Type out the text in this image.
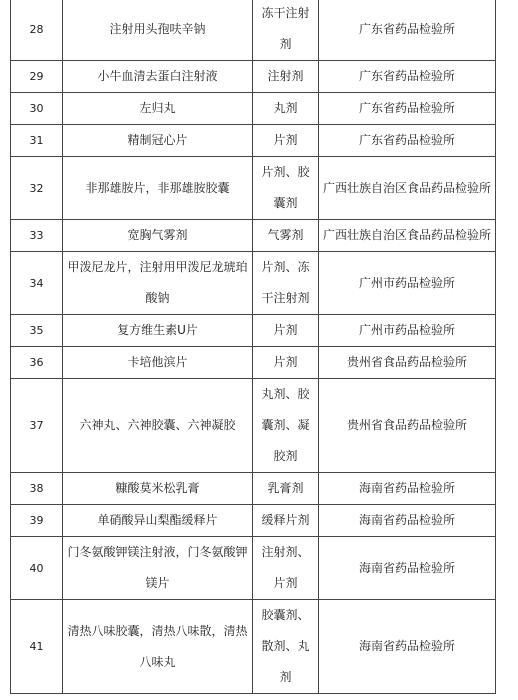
28	注射用头孢呋辛钠	冻干注射剂	广东省药品检验所
29	小牛血清去蛋白注射液	注射剂	广东省药品检验所
30	左归丸	丸剂	广东省药品检验所
31	精制冠心片	片剂	广东省药品检验所
32	非那雄胺片，非那雄胺胶囊	片剂、胶囊剂	广西壮族自治区食品药品检验所
33	宽胸气雾剂	气雾剂	广西壮族自治区食品药品检验所
34	甲泼尼龙片，注射用甲泼尼龙琥珀酸钠	片剂、冻干注射剂	广州市药品检验所
35	复方维生素U片	片剂	广州市药品检验所
36	卡培他滨片	片剂	贵州省食品药品检验所
37	六神丸、六神胶囊、六神凝胶	丸剂、胶囊剂、凝胶剂	贵州省食品药品检验所
38	糠酸莫米松乳膏	乳膏剂	海南省药品检验所
39	单硝酸异山梨酯缓释片	缓释片剂	海南省药品检验所
40	门冬氨酸钾镁注射液，门冬氨酸钾镁片	注射剂、片剂	海南省药品检验所
41	清热八味胶囊，清热八味散，清热八味丸	胶囊剂、散剂、丸剂	海南省药品检验所
